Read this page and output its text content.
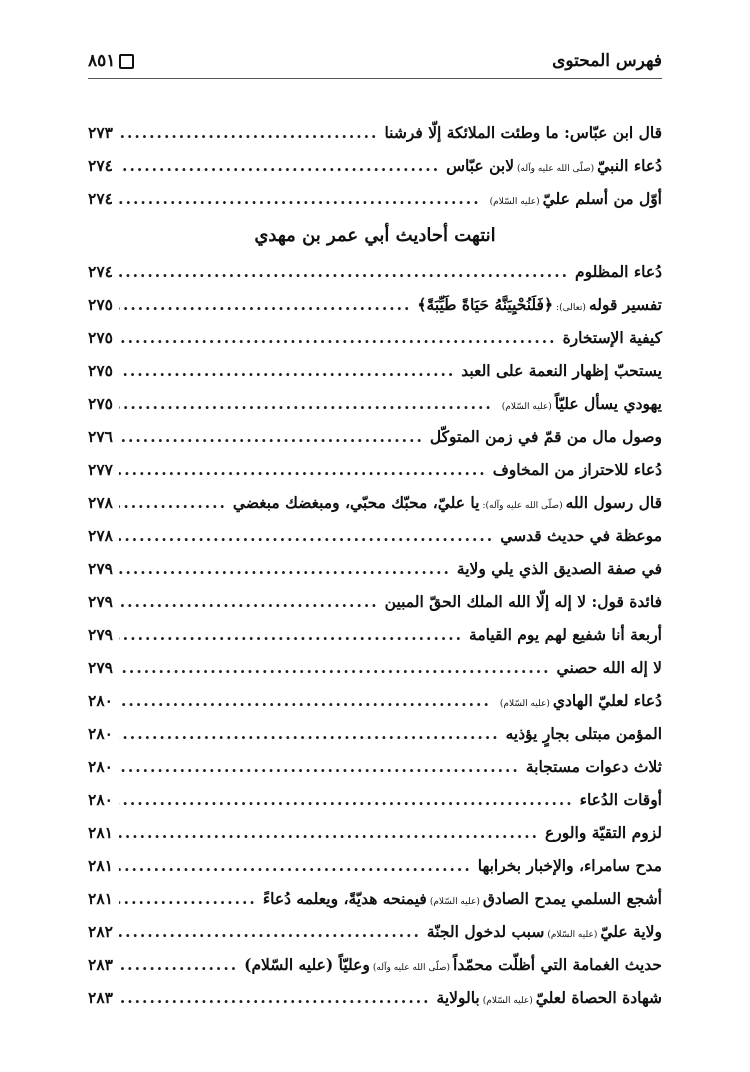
فهرس المحتوى
٨٥١
قال ابن عبّاس: ما وطئت الملائكة إلّا فرشنا
.....
٢٧٣
دُعاء النبيّ(صلّى الله عليه وآله)لابن عبّاس
.....
٢٧٤
أوّل من أسلم عليّ(عليه السّلام)
.....
٢٧٤
انتهت أحاديث أبي عمر بن مهدي
دُعاء المظلوم
.....
٢٧٤
تفسير قوله(تعالى):﴿فَلَنُحْيِيَنَّهُ حَيَاةً طَيِّبَةً﴾
.....
٢٧٥
كيفية الإستخارة
.....
٢٧٥
يستحبّ إظهار النعمة على العبد
.....
٢٧٥
يهودي يسأل عليّاً(عليه السّلام)
.....
٢٧٥
وصول مال من قمّ في زمن المتوكّل
.....
٢٧٦
دُعاء للاحتراز من المخاوف
.....
٢٧٧
قال رسول الله(صلّى الله عليه وآله):يا عليّ، محبّك محبّي، ومبغضك مبغضي
.....
٢٧٨
موعظة في حديث قدسي
.....
٢٧٨
في صفة الصديق الذي يلي ولاية
.....
٢٧٩
فائدة قول: لا إله إلّا الله الملك الحقّ المبين
.....
٢٧٩
أربعة أنا شفيع لهم يوم القيامة
.....
٢٧٩
لا إله الله حصني
.....
٢٧٩
دُعاء لعليّ الهادي(عليه السّلام)
.....
٢٨٠
المؤمن مبتلى بجارٍ يؤذيه
.....
٢٨٠
ثلاث دعوات مستجابة
.....
٢٨٠
أوقات الدُعاء
.....
٢٨٠
لزوم التقيّة والورع
.....
٢٨١
مدح سامراء، والإخبار بخرابها
.....
٢٨١
أشجع السلمي يمدح الصادق(عليه السّلام)فيمنحه هديّةً، ويعلمه دُعاءً
.....
٢٨١
ولاية عليّ(عليه السّلام)سبب لدخول الجنّة
.....
٢٨٢
حديث الغمامة التي أظلّت محمّداً(صلّى الله عليه وآله)وعليّاً (عليه السّلام)
.....
٢٨٣
شهادة الحصاة لعليّ(عليه السّلام)بالولاية
.....
٢٨٣
